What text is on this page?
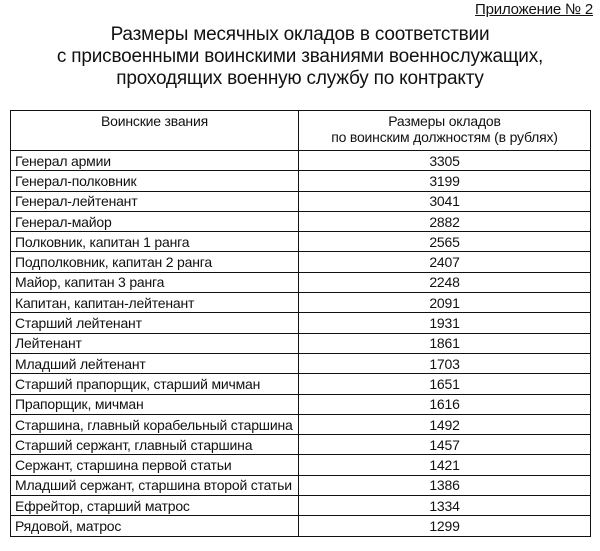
Приложение № 2
Размеры месячных окладов в соответствии
с присвоенными воинскими званиями военнослужащих,
проходящих военную службу по контракту
Воинские звания	Размеры окладов
по воинским должностям (в рублях)

Генерал армии	3305
Генерал-полковник	3199
Генерал-лейтенант	3041
Генерал-майор	2882
Полковник, капитан 1 ранга	2565
Подполковник, капитан 2 ранга	2407
Майор, капитан 3 ранга	2248
Капитан, капитан-лейтенант	2091
Старший лейтенант	1931
Лейтенант	1861
Младший лейтенант	1703
Старший прапорщик, старший мичман	1651
Прапорщик, мичман	1616
Старшина, главный корабельный старшина	1492
Старший сержант, главный старшина	1457
Сержант, старшина первой статьи	1421
Младший сержант, старшина второй статьи	1386
Ефрейтор, старший матрос	1334
Рядовой, матрос	1299
